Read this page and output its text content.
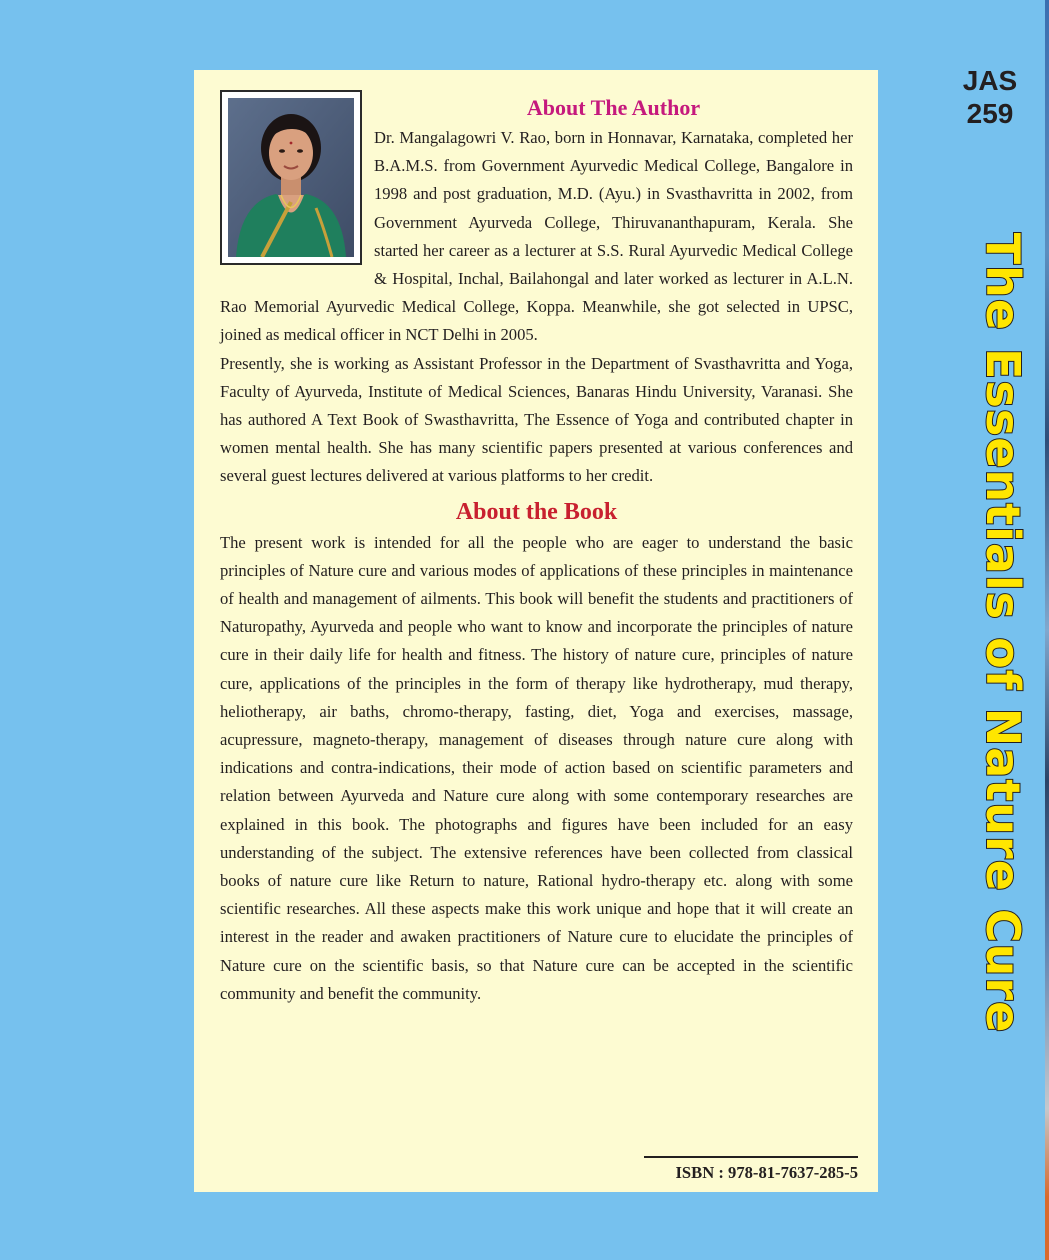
About The Author

Dr. Mangalagowri V. Rao, born in Honnavar, Karnataka, completed her B.A.M.S. from Government Ayurvedic Medical College, Bangalore in 1998 and post graduation, M.D. (Ayu.) in Svasthavritta in 2002, from Government Ayurveda College, Thiruvananthapuram, Kerala. She started her career as a lecturer at S.S. Rural Ayurvedic Medical College & Hospital, Inchal, Bailahongal and later worked as lecturer in A.L.N. Rao Memorial Ayurvedic Medical College, Koppa. Meanwhile, she got selected in UPSC, joined as medical officer in NCT Delhi in 2005.

Presently, she is working as Assistant Professor in the Department of Svasthavritta and Yoga, Faculty of Ayurveda, Institute of Medical Sciences, Banaras Hindu University, Varanasi. She has authored A Text Book of Swasthavritta, The Essence of Yoga and contributed chapter in women mental health. She has many scientific papers presented at various conferences and several guest lectures delivered at various platforms to her credit.

About the Book

The present work is intended for all the people who are eager to understand the basic principles of Nature cure and various modes of applications of these principles in maintenance of health and management of ailments. This book will benefit the students and practitioners of Naturopathy, Ayurveda and people who want to know and incorporate the principles of nature cure in their daily life for health and fitness. The history of nature cure, principles of nature cure, applications of the principles in the form of therapy like hydrotherapy, mud therapy, heliotherapy, air baths, chromo-therapy, fasting, diet, Yoga and exercises, massage, acupressure, magneto-therapy, management of diseases through nature cure along with indications and contra-indications, their mode of action based on scientific parameters and relation between Ayurveda and Nature cure along with some contemporary researches are explained in this book. The photographs and figures have been included for an easy understanding of the subject. The extensive references have been collected from classical books of nature cure like Return to nature, Rational hydro-therapy etc. along with some scientific researches. All these aspects make this work unique and hope that it will create an interest in the reader and awaken practitioners of Nature cure to elucidate the principles of Nature cure on the scientific basis, so that Nature cure can be accepted in the scientific community and benefit the community.

ISBN : 978-81-7637-285-5
JAS
259
The Essentials of Nature Cure
